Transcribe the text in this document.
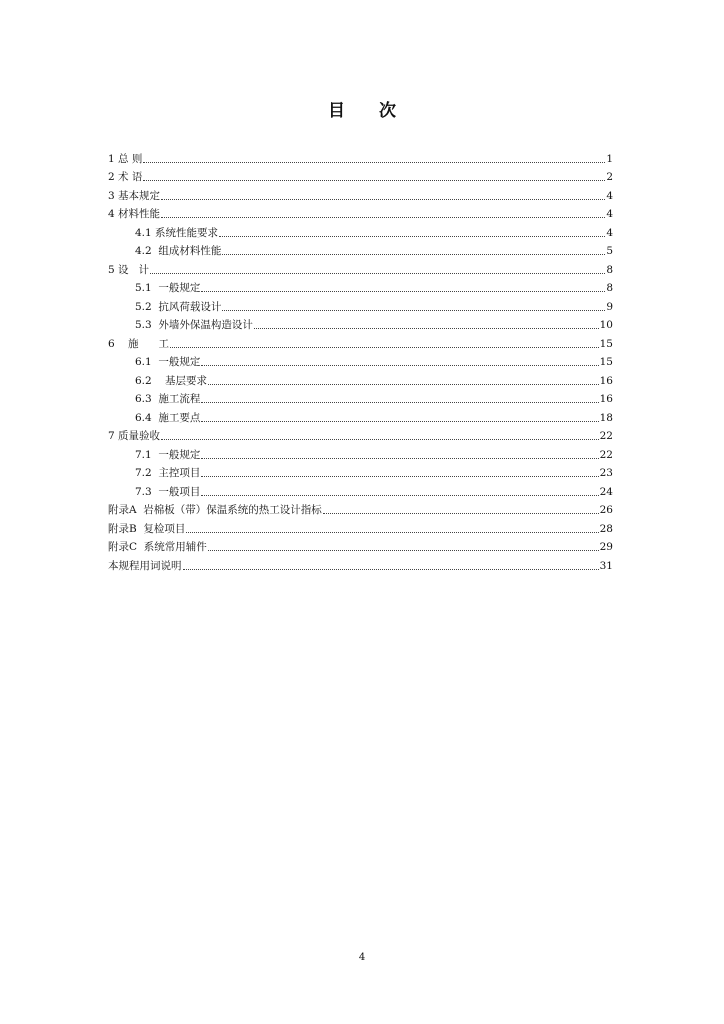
目 次
1 总 则	1
2 术 语	2
3 基本规定	4
4 材料性能	4
4.1 系统性能要求	4
4.2  组成材料性能	5
5 设   计	8
5.1  一般规定	8
5.2  抗风荷载设计	9
5.3  外墙外保温构造设计	10
6    施      工	15
6.1  一般规定	15
6.2    基层要求	16
6.3  施工流程	16
6.4  施工要点	18
7 质量验收	22
7.1  一般规定	22
7.2  主控项目	23
7.3  一般项目	24
附录A  岩棉板（带）保温系统的热工设计指标	26
附录B  复检项目	28
附录C  系统常用辅件	29
本规程用词说明	31
4
